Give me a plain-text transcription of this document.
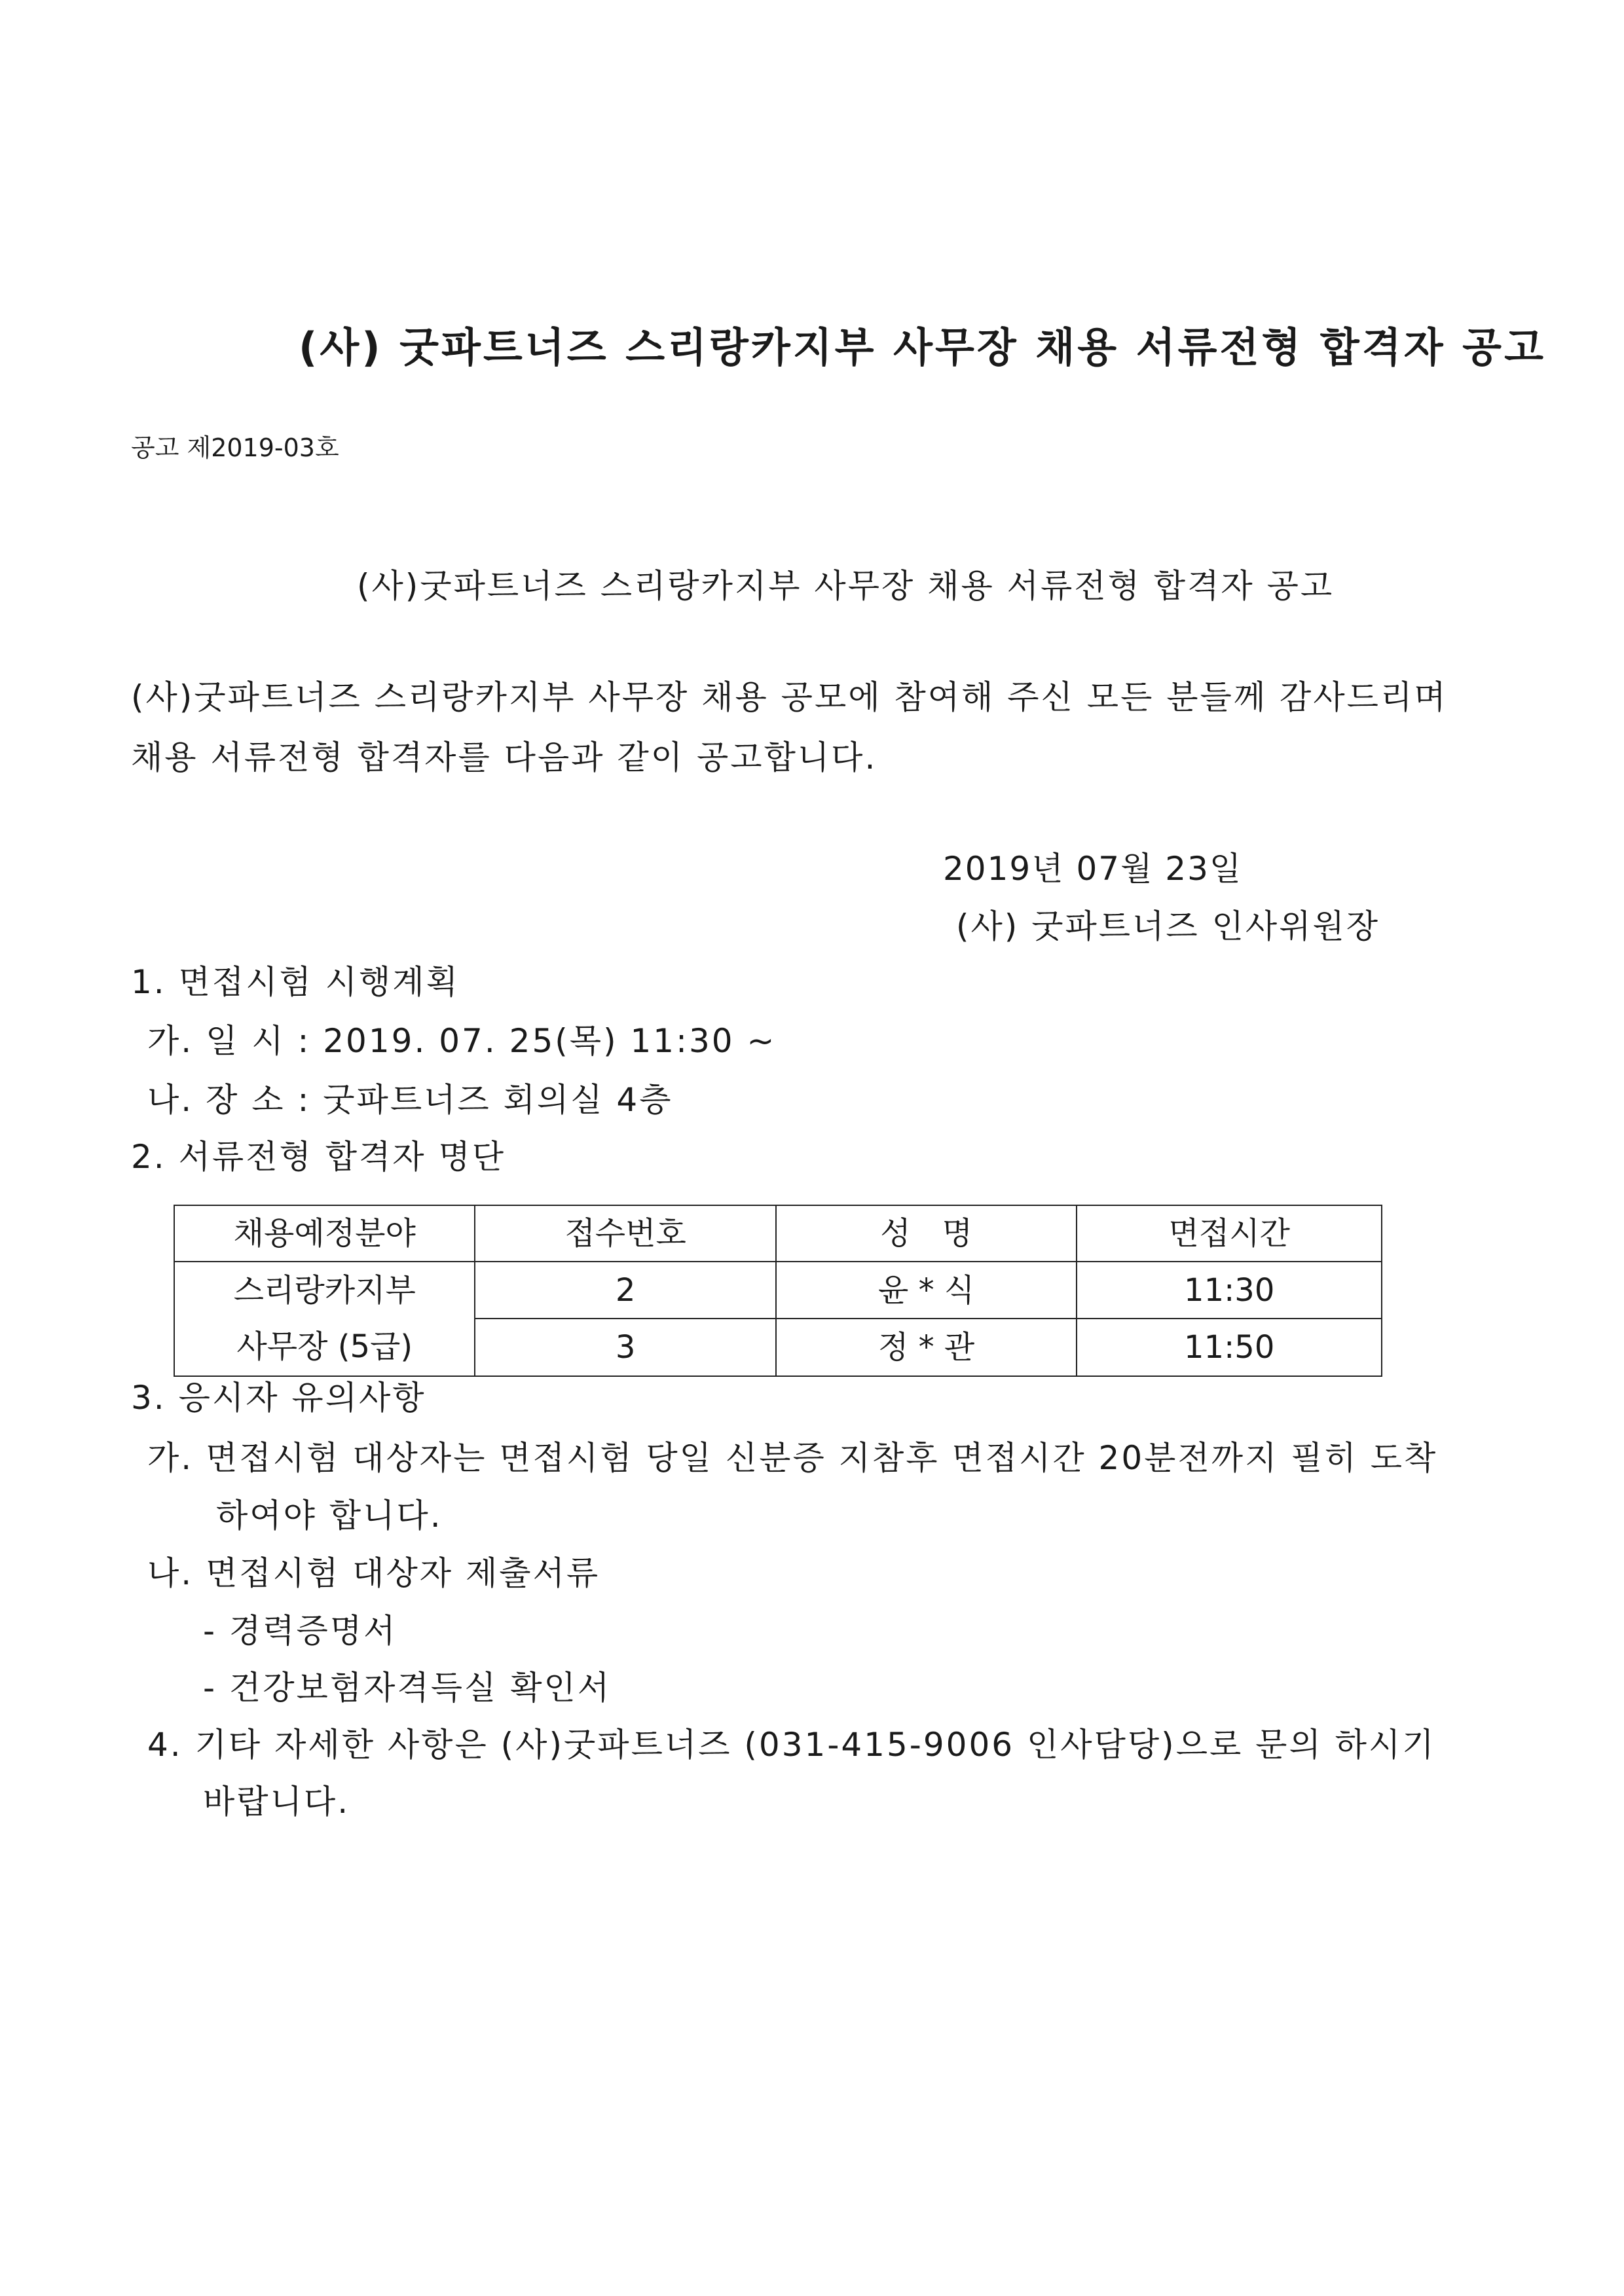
(사) 굿파트너즈 스리랑카지부 사무장 채용 서류전형 합격자 공고
공고 제2019-03호
(사)굿파트너즈 스리랑카지부 사무장 채용 서류전형 합격자 공고
(사)굿파트너즈 스리랑카지부 사무장 채용 공모에 참여해 주신 모든 분들께 감사드리며
채용 서류전형 합격자를 다음과 같이 공고합니다.
2019년 07월 23일
(사) 굿파트너즈 인사위원장
1. 면접시험 시행계획
가. 일 시 : 2019. 07. 25(목) 11:30 ~
나. 장 소 : 굿파트너즈 회의실 4층
2. 서류전형 합격자 명단
채용예정분야	접수번호	성　명	면접시간

스리랑카지부
사무장 (5급)	2	윤 * 식	11:30
	3	정 * 관	11:50
3. 응시자 유의사항
가. 면접시험 대상자는 면접시험 당일 신분증 지참후 면접시간 20분전까지 필히 도착
하여야 합니다.
나. 면접시험 대상자 제출서류
- 경력증명서
- 건강보험자격득실 확인서
4. 기타 자세한 사항은 (사)굿파트너즈 (031-415-9006 인사담당)으로 문의 하시기
바랍니다.
